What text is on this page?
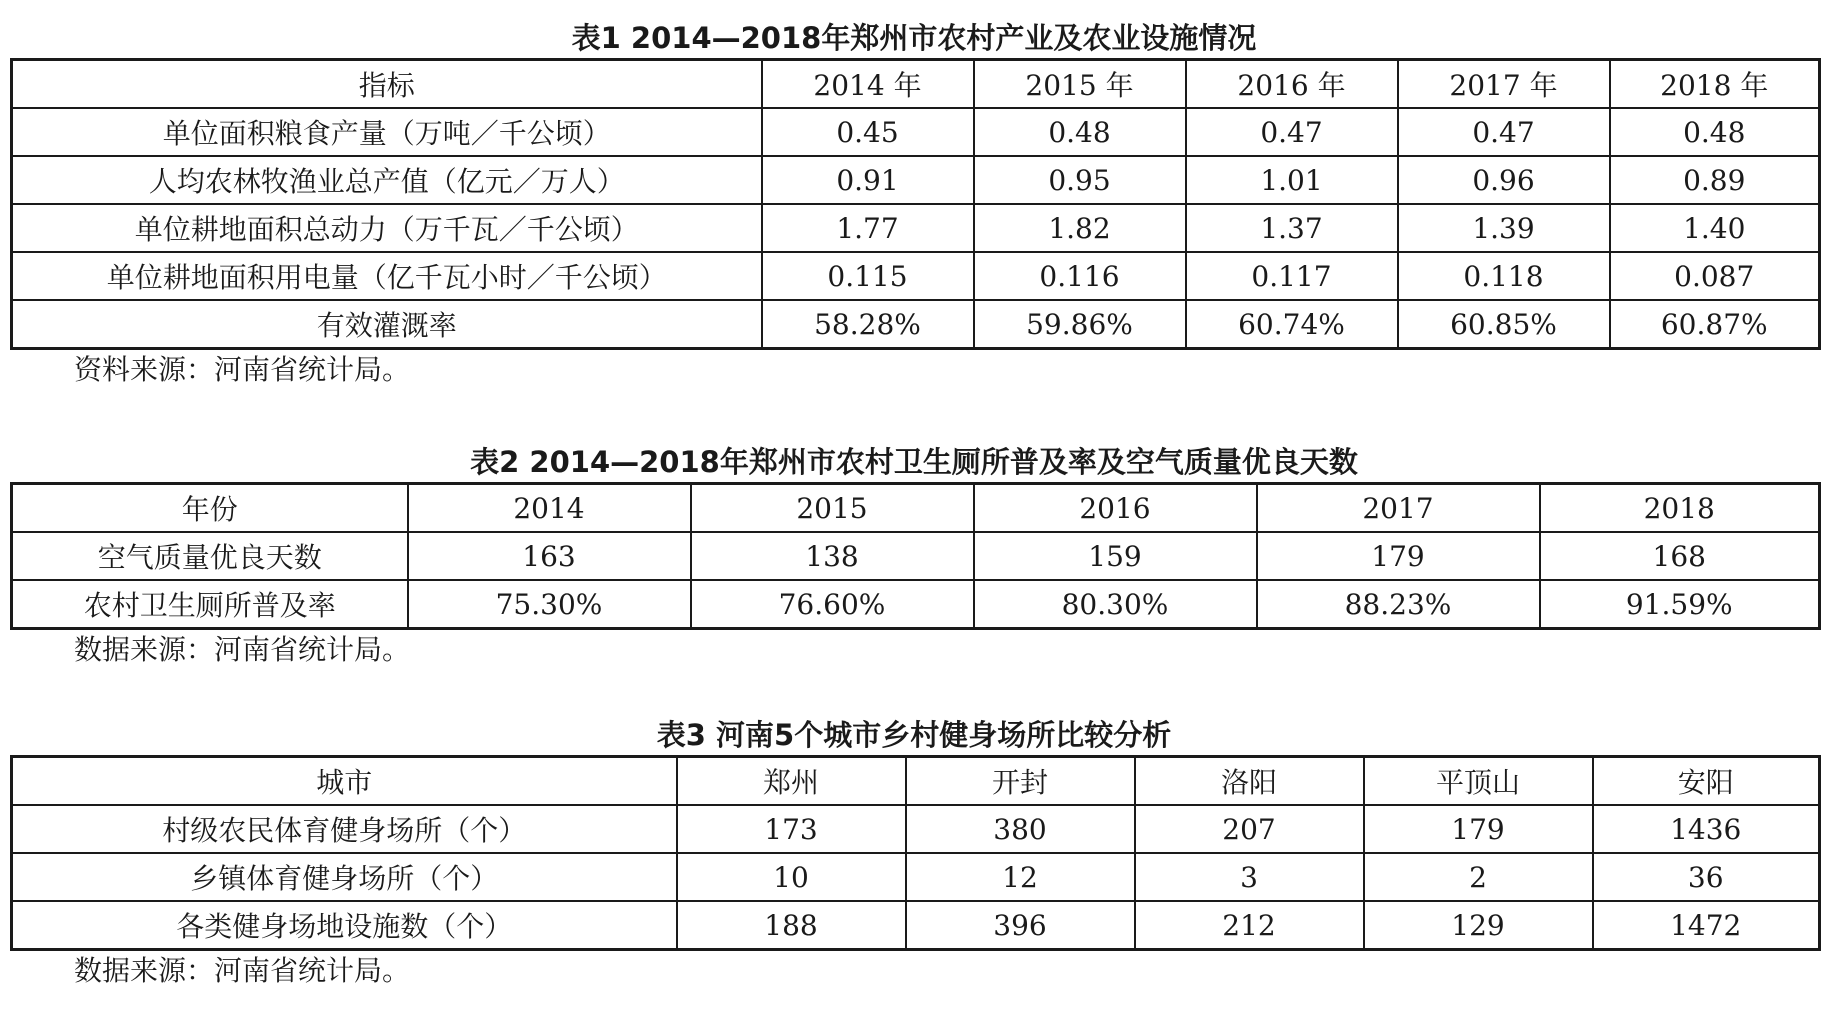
表1 2014—2018年郑州市农村产业及农业设施情况
指标	2014 年	2015 年	2016 年	2017 年	2018 年
单位面积粮食产量（万吨／千公顷）	0.45	0.48	0.47	0.47	0.48
人均农林牧渔业总产值（亿元／万人）	0.91	0.95	1.01	0.96	0.89
单位耕地面积总动力（万千瓦／千公顷）	1.77	1.82	1.37	1.39	1.40
单位耕地面积用电量（亿千瓦小时／千公顷）	0.115	0.116	0.117	0.118	0.087
有效灌溉率	58.28%	59.86%	60.74%	60.85%	60.87%
资料来源：河南省统计局。
表2 2014—2018年郑州市农村卫生厕所普及率及空气质量优良天数
年份	2014	2015	2016	2017	2018
空气质量优良天数	163	138	159	179	168
农村卫生厕所普及率	75.30%	76.60%	80.30%	88.23%	91.59%
数据来源：河南省统计局。
表3 河南5个城市乡村健身场所比较分析
城市	郑州	开封	洛阳	平顶山	安阳
村级农民体育健身场所（个）	173	380	207	179	1436
乡镇体育健身场所（个）	10	12	3	2	36
各类健身场地设施数（个）	188	396	212	129	1472
数据来源：河南省统计局。
